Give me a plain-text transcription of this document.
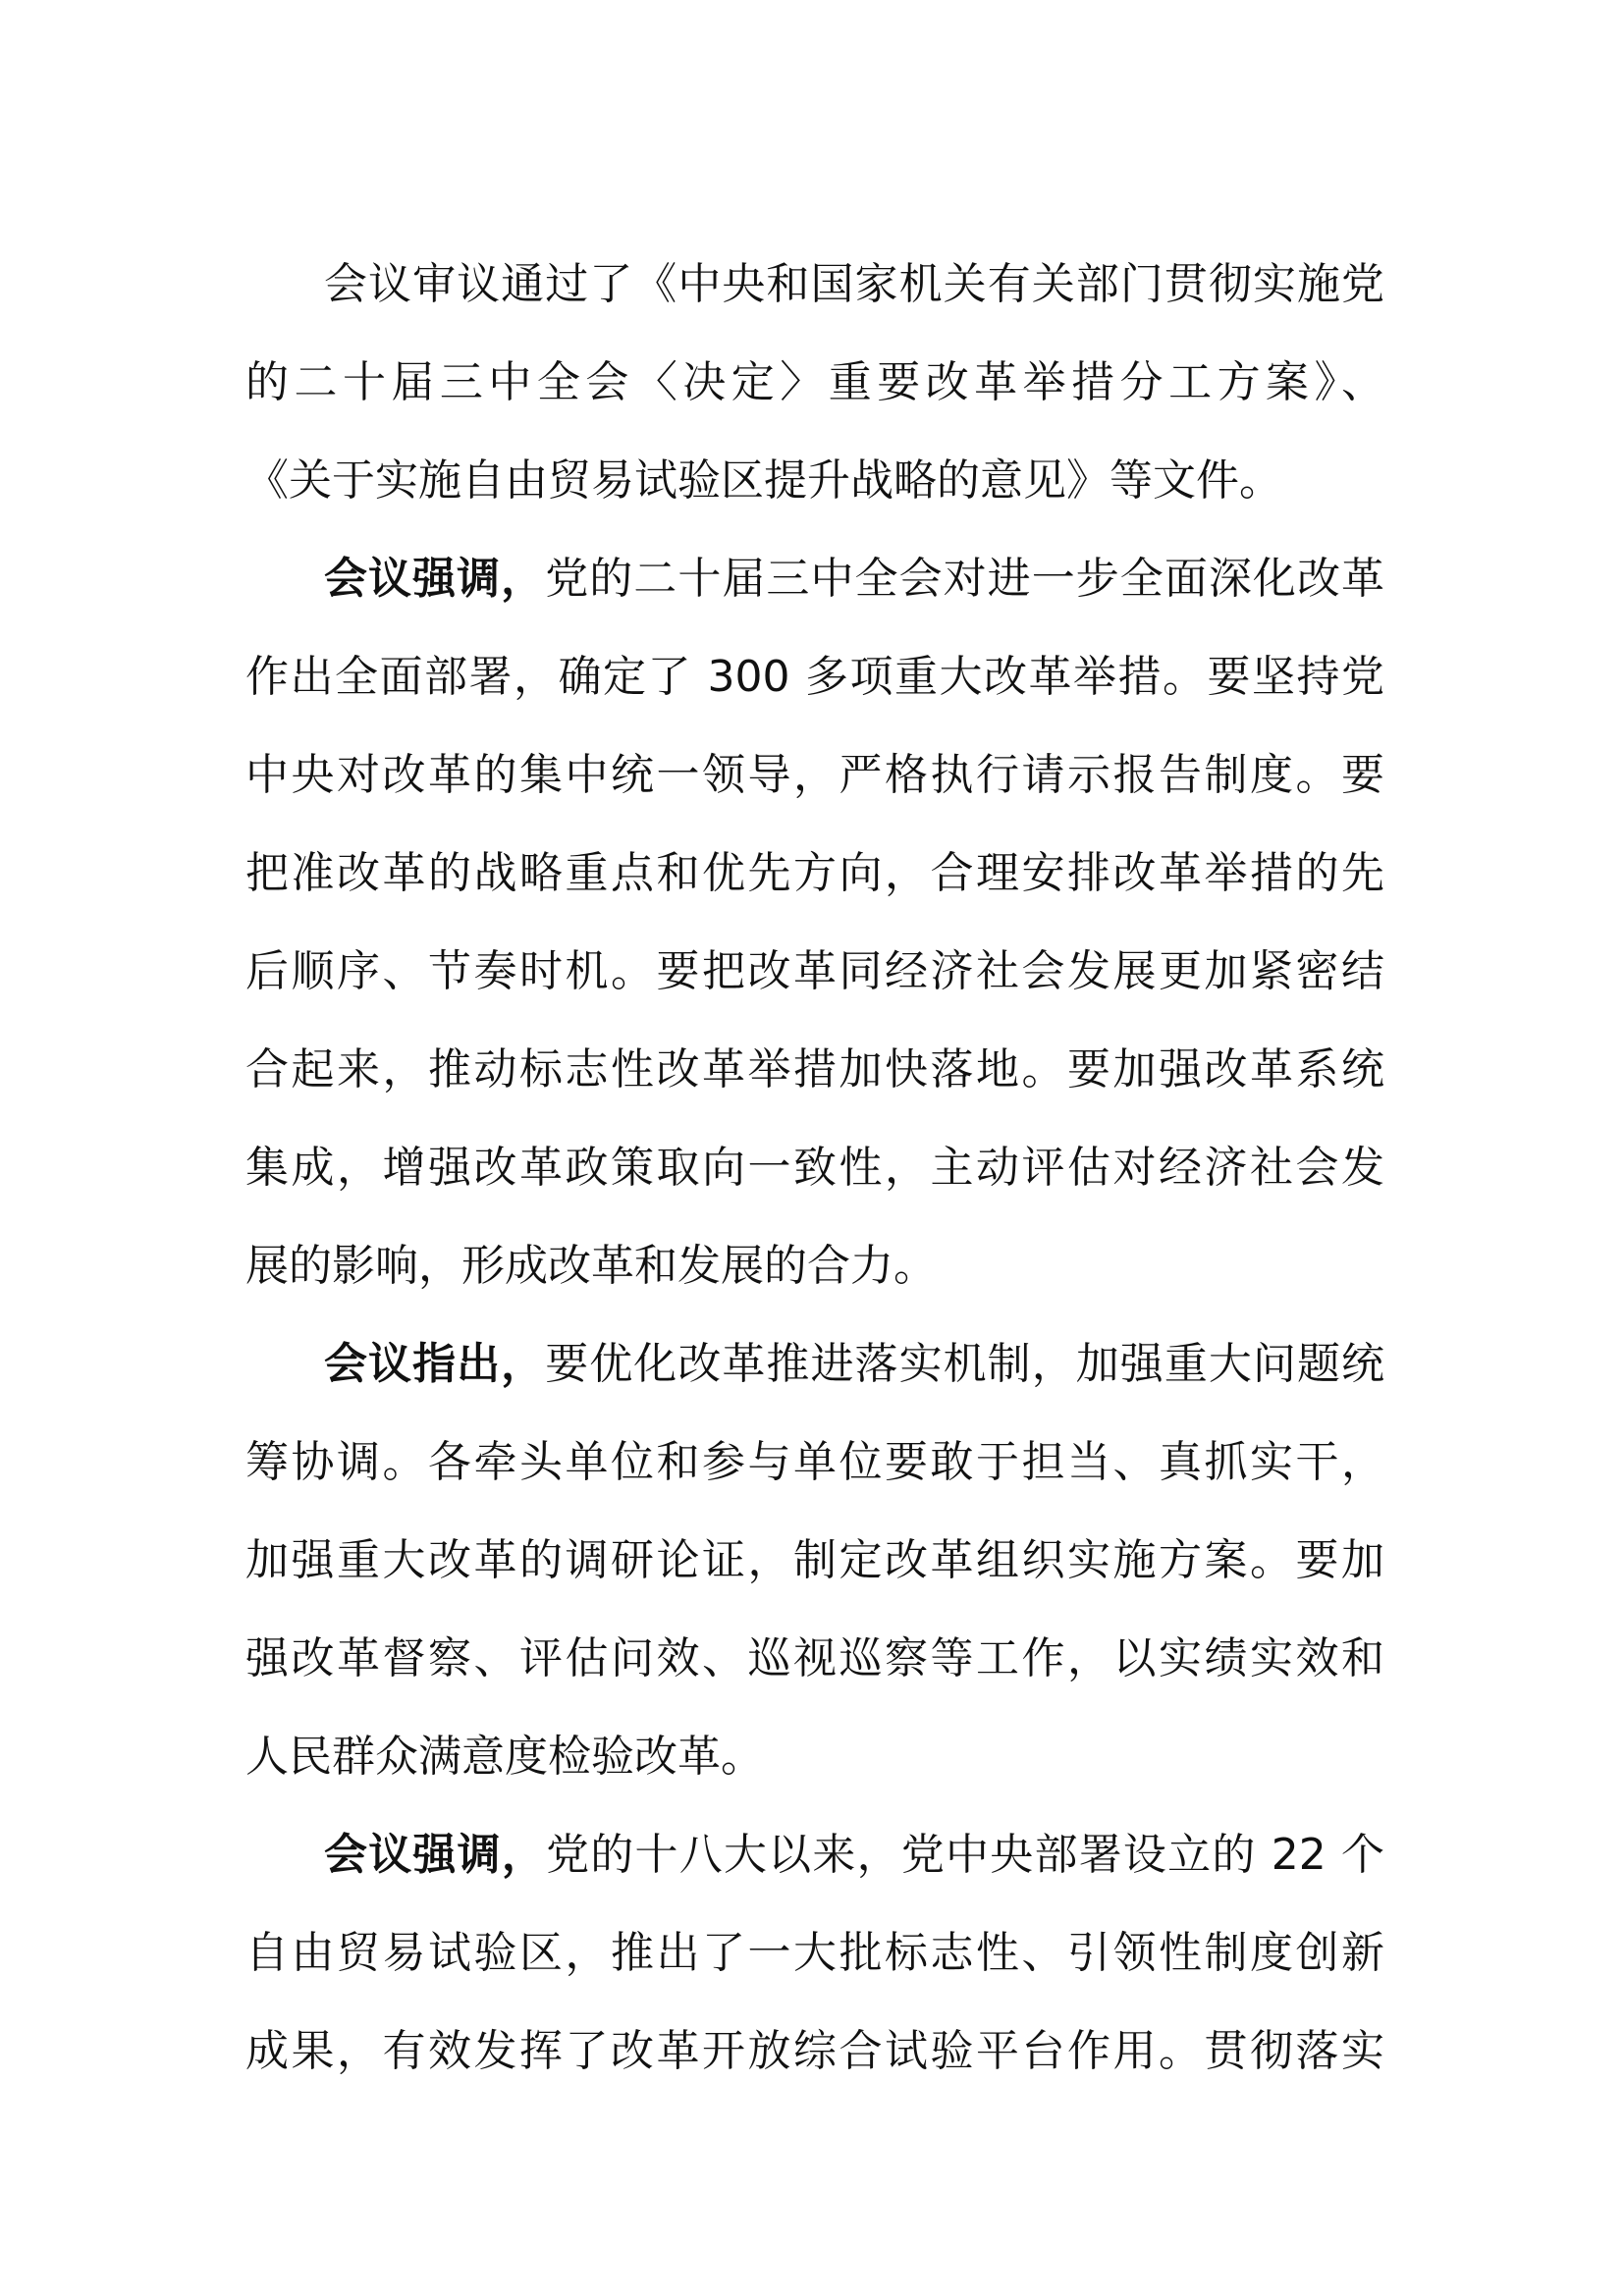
会议审议通过了《中央和国家机关有关部门贯彻实施党
的二十届三中全会〈决定〉重要改革举措分工方案》、
《关于实施自由贸易试验区提升战略的意见》等文件。
会议强调，党的二十届三中全会对进一步全面深化改革
作出全面部署，确定了 300 多项重大改革举措。要坚持党
中央对改革的集中统一领导，严格执行请示报告制度。要
把准改革的战略重点和优先方向，合理安排改革举措的先
后顺序、节奏时机。要把改革同经济社会发展更加紧密结
合起来，推动标志性改革举措加快落地。要加强改革系统
集成，增强改革政策取向一致性，主动评估对经济社会发
展的影响，形成改革和发展的合力。
会议指出，要优化改革推进落实机制，加强重大问题统
筹协调。各牵头单位和参与单位要敢于担当、真抓实干，
加强重大改革的调研论证，制定改革组织实施方案。要加
强改革督察、评估问效、巡视巡察等工作，以实绩实效和
人民群众满意度检验改革。
会议强调，党的十八大以来，党中央部署设立的 22 个
自由贸易试验区，推出了一大批标志性、引领性制度创新
成果，有效发挥了改革开放综合试验平台作用。贯彻落实
